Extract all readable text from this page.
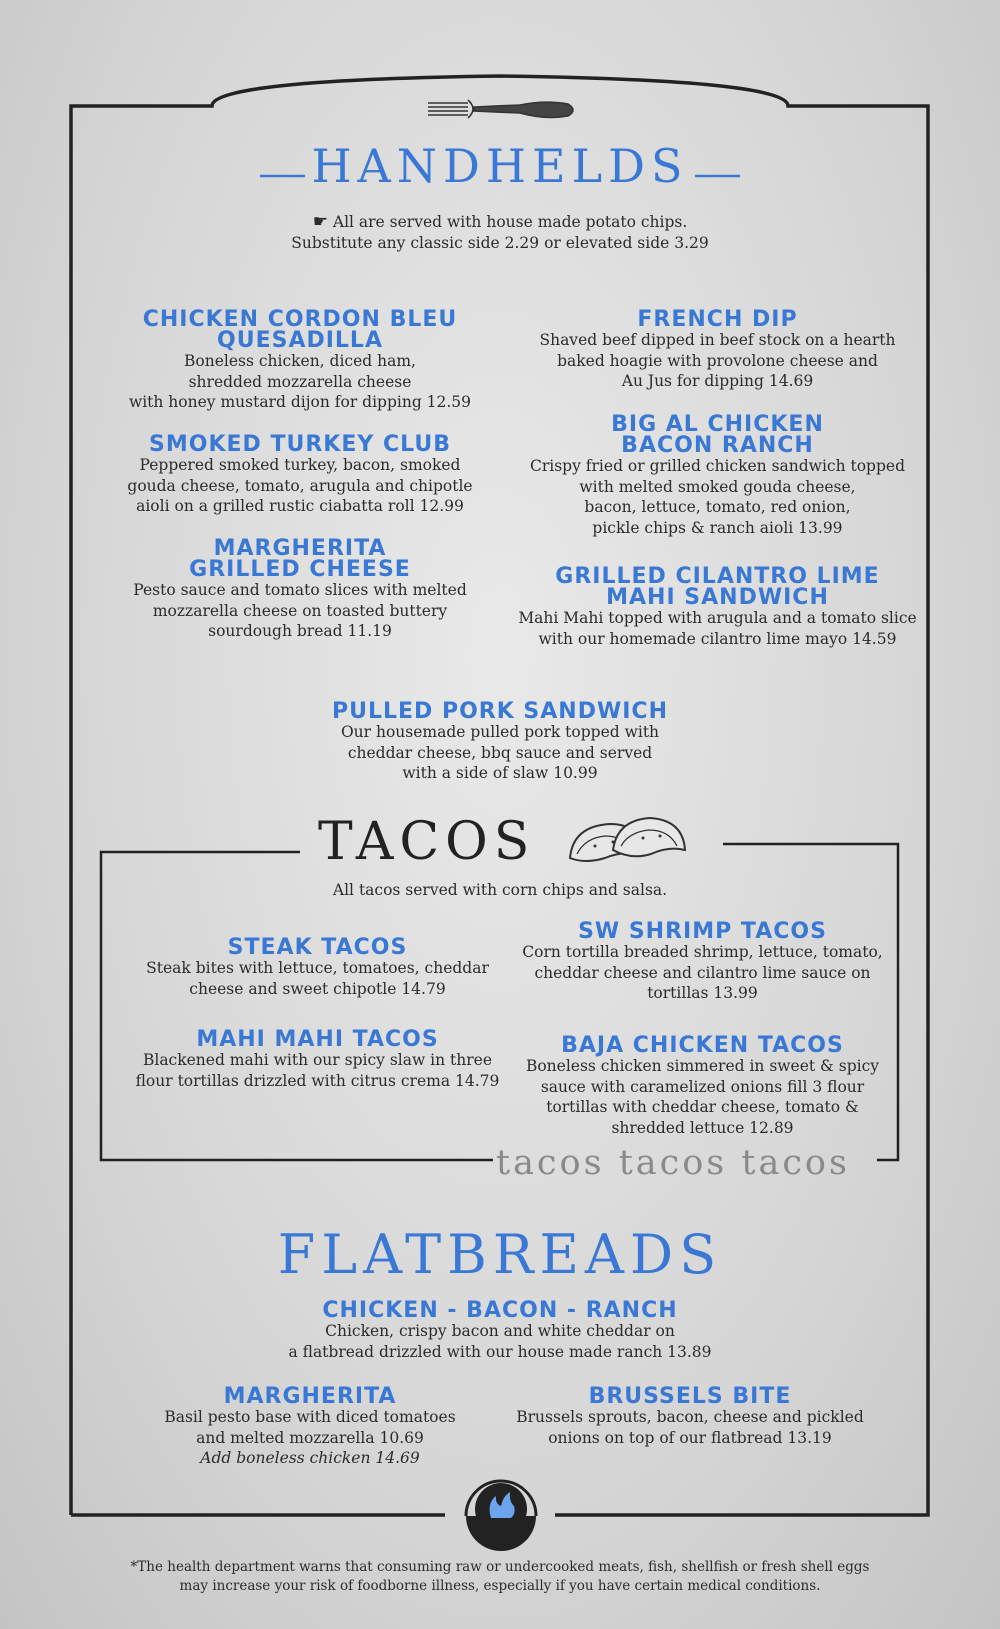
HANDHELDS
☛ All are served with house made potato chips.
Substitute any classic side 2.29 or elevated side 3.29
CHICKEN CORDON BLEU
QUESADILLA
Boneless chicken, diced ham,
shredded mozzarella cheese
with honey mustard dijon for dipping 12.59
SMOKED TURKEY CLUB
Peppered smoked turkey, bacon, smoked
gouda cheese, tomato, arugula and chipotle
aioli on a grilled rustic ciabatta roll 12.99
MARGHERITA
GRILLED CHEESE
Pesto sauce and tomato slices with melted
mozzarella cheese on toasted buttery
sourdough bread 11.19
FRENCH DIP
Shaved beef dipped in beef stock on a hearth
baked hoagie with provolone cheese and
Au Jus for dipping 14.69
BIG AL CHICKEN
BACON RANCH
Crispy fried or grilled chicken sandwich topped
with melted smoked gouda cheese,
bacon, lettuce, tomato, red onion,
pickle chips & ranch aioli 13.99
GRILLED CILANTRO LIME
MAHI SANDWICH
Mahi Mahi topped with arugula and a tomato slice
with our homemade cilantro lime mayo 14.59
PULLED PORK SANDWICH
Our housemade pulled pork topped with
cheddar cheese, bbq sauce and served
with a side of slaw 10.99
TACOS
All tacos served with corn chips and salsa.
STEAK TACOS
Steak bites with lettuce, tomatoes, cheddar
cheese and sweet chipotle 14.79
MAHI MAHI TACOS
Blackened mahi with our spicy slaw in three
flour tortillas drizzled with citrus crema 14.79
SW SHRIMP TACOS
Corn tortilla breaded shrimp, lettuce, tomato,
cheddar cheese and cilantro lime sauce on
tortillas 13.99
BAJA CHICKEN TACOS
Boneless chicken simmered in sweet & spicy
sauce with caramelized onions fill 3 flour
tortillas with cheddar cheese, tomato &
shredded lettuce 12.89
tacos tacos tacos
FLATBREADS
CHICKEN - BACON - RANCH
Chicken, crispy bacon and white cheddar on
a flatbread drizzled with our house made ranch 13.89
MARGHERITA
Basil pesto base with diced tomatoes
and melted mozzarella 10.69
Add boneless chicken 14.69
BRUSSELS BITE
Brussels sprouts, bacon, cheese and pickled
onions on top of our flatbread 13.19
*The health department warns that consuming raw or undercooked meats, fish, shellfish or fresh shell eggs
may increase your risk of foodborne illness, especially if you have certain medical conditions.
